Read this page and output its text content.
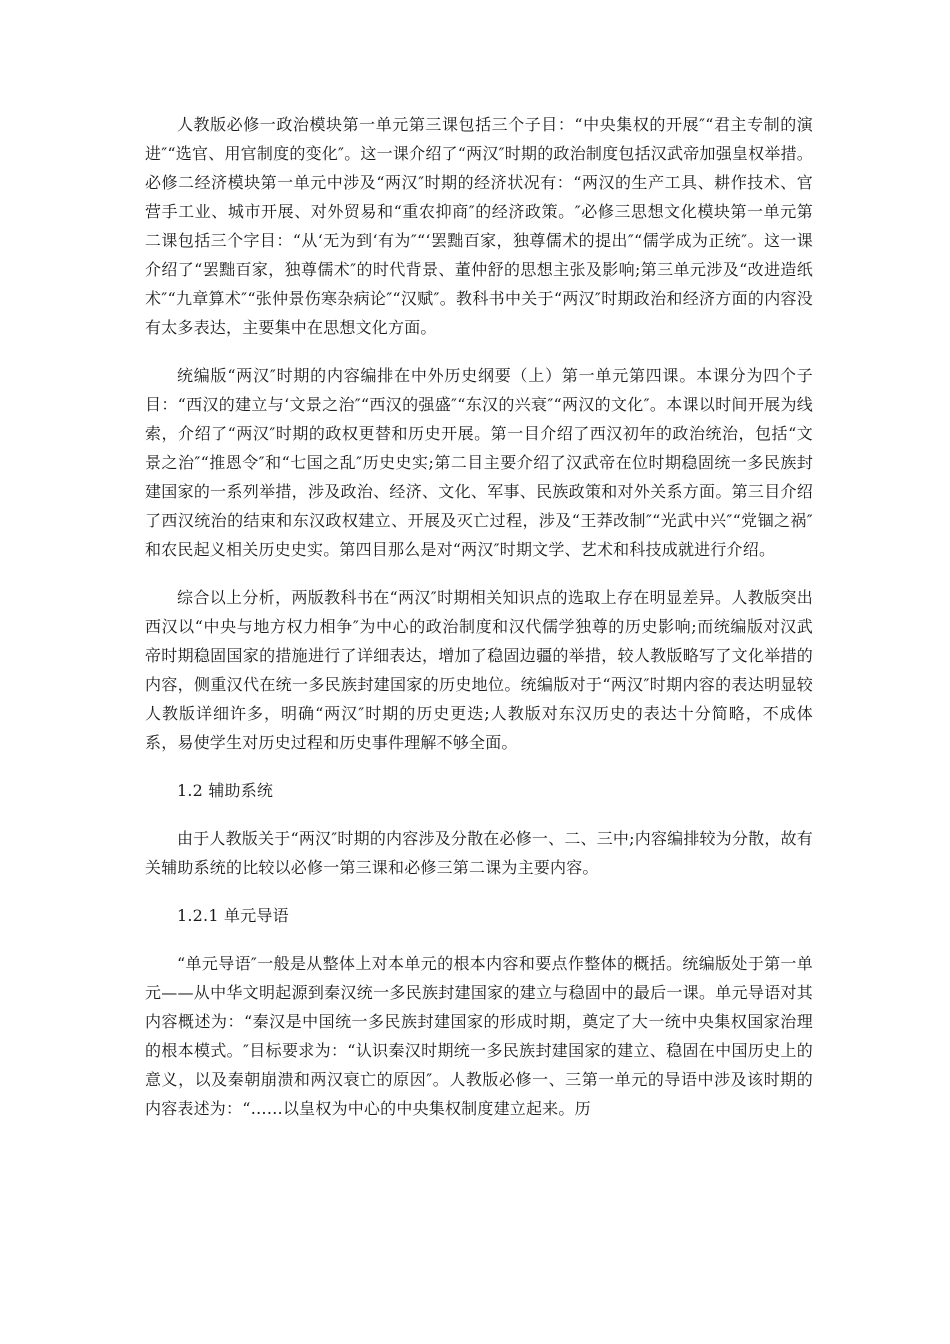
人教版必修一政治模块第一单元第三课包括三个子目：“中央集权的开展″“君主专制的演进″“选官、用官制度的变化″。这一课介绍了“两汉″时期的政治制度包括汉武帝加强皇权举措。必修二经济模块第一单元中涉及“两汉″时期的经济状况有：“两汉的生产工具、耕作技术、官营手工业、城市开展、对外贸易和“重农抑商″的经济政策。″必修三思想文化模块第一单元第二课包括三个字目：“从‘无为到‘有为″“‘罢黜百家，独尊儒术的提出″“儒学成为正统″。这一课介绍了“罢黜百家，独尊儒术″的时代背景、董仲舒的思想主张及影响;第三单元涉及“改进造纸术″“九章算术″“张仲景伤寒杂病论″“汉赋″。教科书中关于“两汉″时期政治和经济方面的内容没有太多表达，主要集中在思想文化方面。

统编版“两汉″时期的内容编排在中外历史纲要（上）第一单元第四课。本课分为四个子目：“西汉的建立与‘文景之治″“西汉的强盛″“东汉的兴衰″“两汉的文化″。本课以时间开展为线索，介绍了“两汉″时期的政权更替和历史开展。第一目介绍了西汉初年的政治统治，包括“文景之治″“推恩令″和“七国之乱″历史史实;第二目主要介绍了汉武帝在位时期稳固统一多民族封建国家的一系列举措，涉及政治、经济、文化、军事、民族政策和对外关系方面。第三目介绍了西汉统治的结束和东汉政权建立、开展及灭亡过程，涉及“王莽改制″“光武中兴″“党锢之祸″和农民起义相关历史史实。第四目那么是对“两汉″时期文学、艺术和科技成就进行介绍。

综合以上分析，两版教科书在“两汉″时期相关知识点的选取上存在明显差异。人教版突出西汉以“中央与地方权力相争″为中心的政治制度和汉代儒学独尊的历史影响;而统编版对汉武帝时期稳固国家的措施进行了详细表达，增加了稳固边疆的举措，较人教版略写了文化举措的内容，侧重汉代在统一多民族封建国家的历史地位。统编版对于“两汉″时期内容的表达明显较人教版详细许多，明确“两汉″时期的历史更迭;人教版对东汉历史的表达十分简略，不成体系，易使学生对历史过程和历史事件理解不够全面。

1.2 辅助系统

由于人教版关于“两汉″时期的内容涉及分散在必修一、二、三中;内容编排较为分散，故有关辅助系统的比较以必修一第三课和必修三第二课为主要内容。

1.2.1 单元导语

“单元导语″一般是从整体上对本单元的根本内容和要点作整体的概括。统编版处于第一单元——从中华文明起源到秦汉统一多民族封建国家的建立与稳固中的最后一课。单元导语对其内容概述为：“秦汉是中国统一多民族封建国家的形成时期，奠定了大一统中央集权国家治理的根本模式。″目标要求为：“认识秦汉时期统一多民族封建国家的建立、稳固在中国历史上的意义，以及秦朝崩溃和两汉衰亡的原因″。人教版必修一、三第一单元的导语中涉及该时期的内容表述为：“……以皇权为中心的中央集权制度建立起来。历
